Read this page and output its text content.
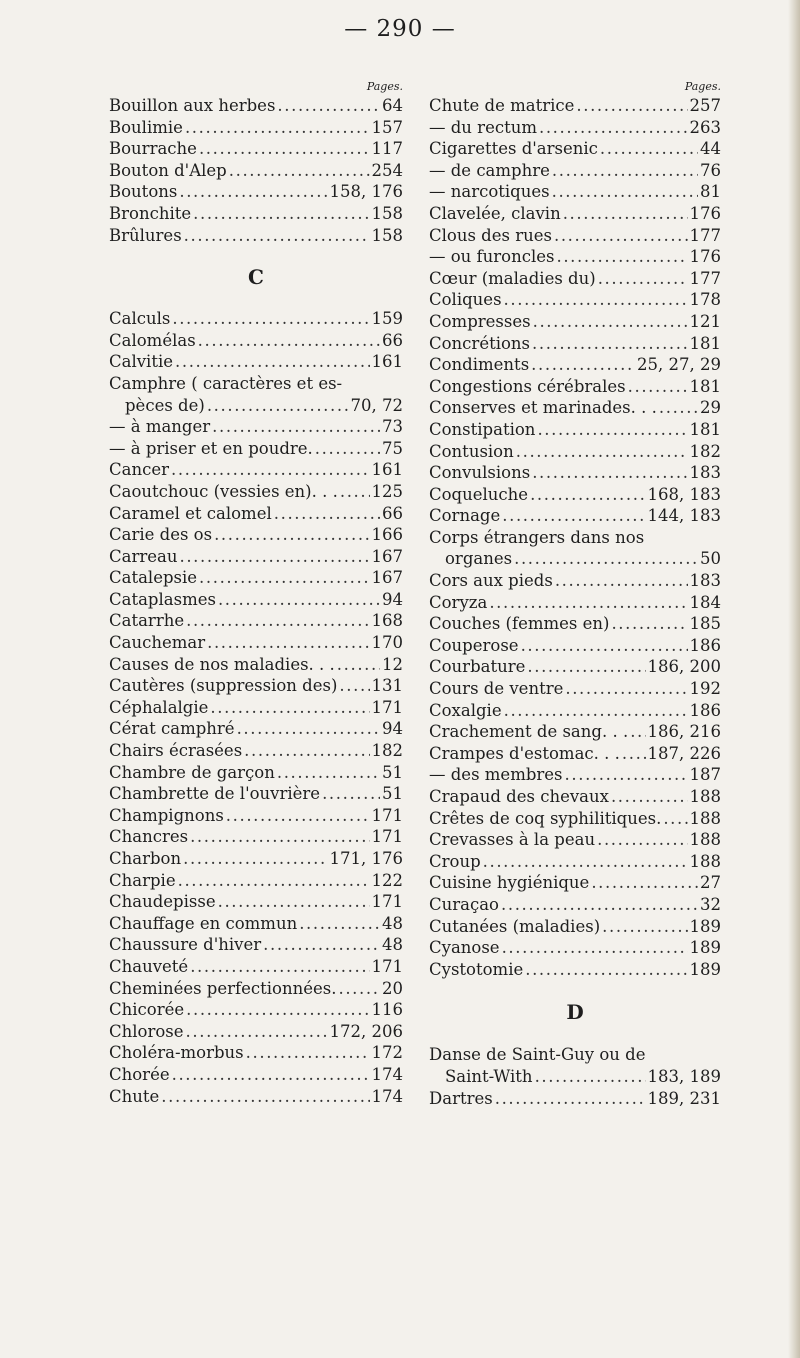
— 290 —
Pages.
Bouillon aux herbes .....	64
Boulimie .....	157
Bourrache .....	117
Bouton d'Alep .....	254
Boutons .....	158, 176
Bronchite .....	158
Brûlures .....	158
C
Calculs .....	159
Calomélas .....	66
Calvitie .....	161
Camphre ( caractères et es-
pèces de) .....	70, 72
— à manger .....	73
— à priser et en poudre. .....	75
Cancer .....	161
Caoutchouc (vessies en). . . ..... 125
Caramel et calomel .....	66
Carie des os .....	166
Carreau .....	167
Catalepsie .....	167
Cataplasmes .....	94
Catarrhe .....	168
Cauchemar .....	170
Causes de nos maladies. . . .....	12
Cautères (suppression des) ..... 131
Céphalalgie .....	171
Cérat camphré .....	94
Chairs écrasées .....	182
Chambre de garçon .....	51
Chambrette de l'ouvrière .....	51
Champignons .....	171
Chancres .....	171
Charbon .....	171, 176
Charpie .....	122
Chaudepisse .....	171
Chauffage en commun .....	48
Chaussure d'hiver .....	48
Chauveté .....	171
Cheminées perfectionnées. .....	20
Chicorée .....	116
Chlorose .....	172, 206
Choléra-morbus .....	172
Chorée .....	174
Chute .....	174
Pages.
Chute de matrice .....	257
— du rectum .....	263
Cigarettes d'arsenic .....	44
— de camphre .....	76
— narcotiques .....	81
Clavelée, clavin .....	176
Clous des rues .....	177
— ou furoncles .....	176
Cœur (maladies du) .....	177
Coliques .....	178
Compresses .....	121
Concrétions .....	181
Condiments .....	25, 27, 29
Congestions cérébrales .....	181
Conserves et marinades. . . .....	29
Constipation .....	181
Contusion .....	182
Convulsions .....	183
Coqueluche .....	168, 183
Cornage .....	144, 183
Corps étrangers dans nos
organes .....	50
Cors aux pieds .....	183
Coryza .....	184
Couches (femmes en) .....	185
Couperose .....	186
Courbature .....	186, 200
Cours de ventre .....	192
Coxalgie .....	186
Crachement de sang. . . ..... 186, 216
Crampes d'estomac. . . ..... 187, 226
— des membres .....	187
Crapaud des chevaux .....	188
Crêtes de coq syphilitiques. ..... 188
Crevasses à la peau .....	188
Croup .....	188
Cuisine hygiénique .....	27
Curaçao .....	32
Cutanées (maladies) .....	189
Cyanose .....	189
Cystotomie .....	189
D
Danse de Saint-Guy ou de
Saint-With .....	183, 189
Dartres .....	189, 231
